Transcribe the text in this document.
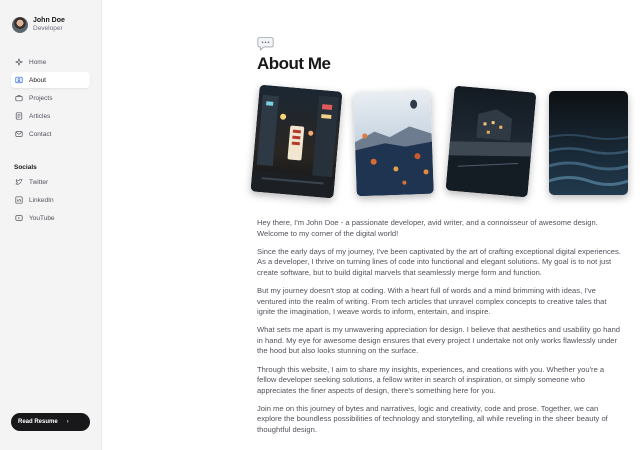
John Doe
Developer
Home
About
Projects
Articles
Contact
Socials
Twitter
LinkedIn
YouTube
Read Resume ›
About Me

Hey there, I'm John Doe - a passionate developer, avid writer, and a connoisseur of awesome design. Welcome to my corner of the digital world!

Since the early days of my journey, I've been captivated by the art of crafting exceptional digital experiences. As a developer, I thrive on turning lines of code into functional and elegant solutions. My goal is to not just create software, but to build digital marvels that seamlessly merge form and function.

But my journey doesn't stop at coding. With a heart full of words and a mind brimming with ideas, I've ventured into the realm of writing. From tech articles that unravel complex concepts to creative tales that ignite the imagination, I weave words to inform, entertain, and inspire.

What sets me apart is my unwavering appreciation for design. I believe that aesthetics and usability go hand in hand. My eye for awesome design ensures that every project I undertake not only works flawlessly under the hood but also looks stunning on the surface.

Through this website, I aim to share my insights, experiences, and creations with you. Whether you're a fellow developer seeking solutions, a fellow writer in search of inspiration, or simply someone who appreciates the finer aspects of design, there's something here for you.

Join me on this journey of bytes and narratives, logic and creativity, code and prose. Together, we can explore the boundless possibilities of technology and storytelling, all while reveling in the sheer beauty of thoughtful design.
